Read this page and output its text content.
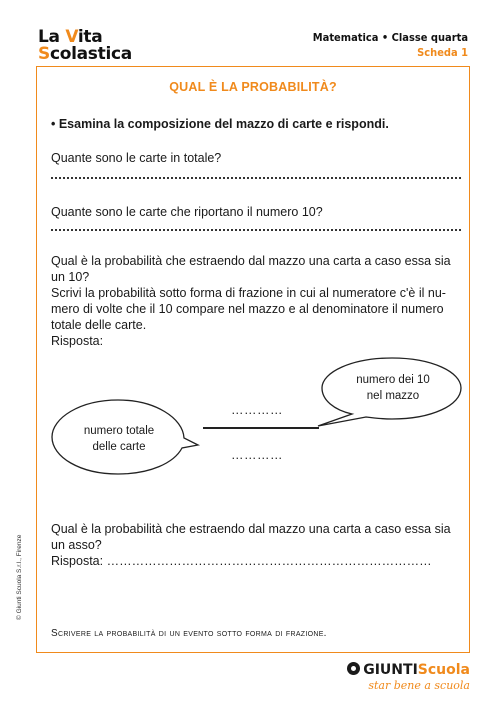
La Vita
Scolastica
Matematica • Classe quarta
Scheda 1
QUAL È LA PROBABILITÀ?
• Esamina la composizione del mazzo di carte e rispondi.
Quante sono le carte in totale?
Quante sono le carte che riportano il numero 10?
Qual è la probabilità che estraendo dal mazzo una carta a caso essa sia
un 10?
Scrivi la probabilità sotto forma di frazione in cui al numeratore c'è il nu-
mero di volte che il 10 compare nel mazzo e al denominatore il numero
totale delle carte.
Risposta:
numero dei 10
nel mazzo
numero totale
delle carte
…………
…………
Qual è la probabilità che estraendo dal mazzo una carta a caso essa sia
un asso?
Risposta: ……………………………………………………………………
Scrivere la probabilità di un evento sotto forma di frazione.
© Giunti Scuola S.r.l., Firenze
GIUNTIScuola
star bene a scuola
